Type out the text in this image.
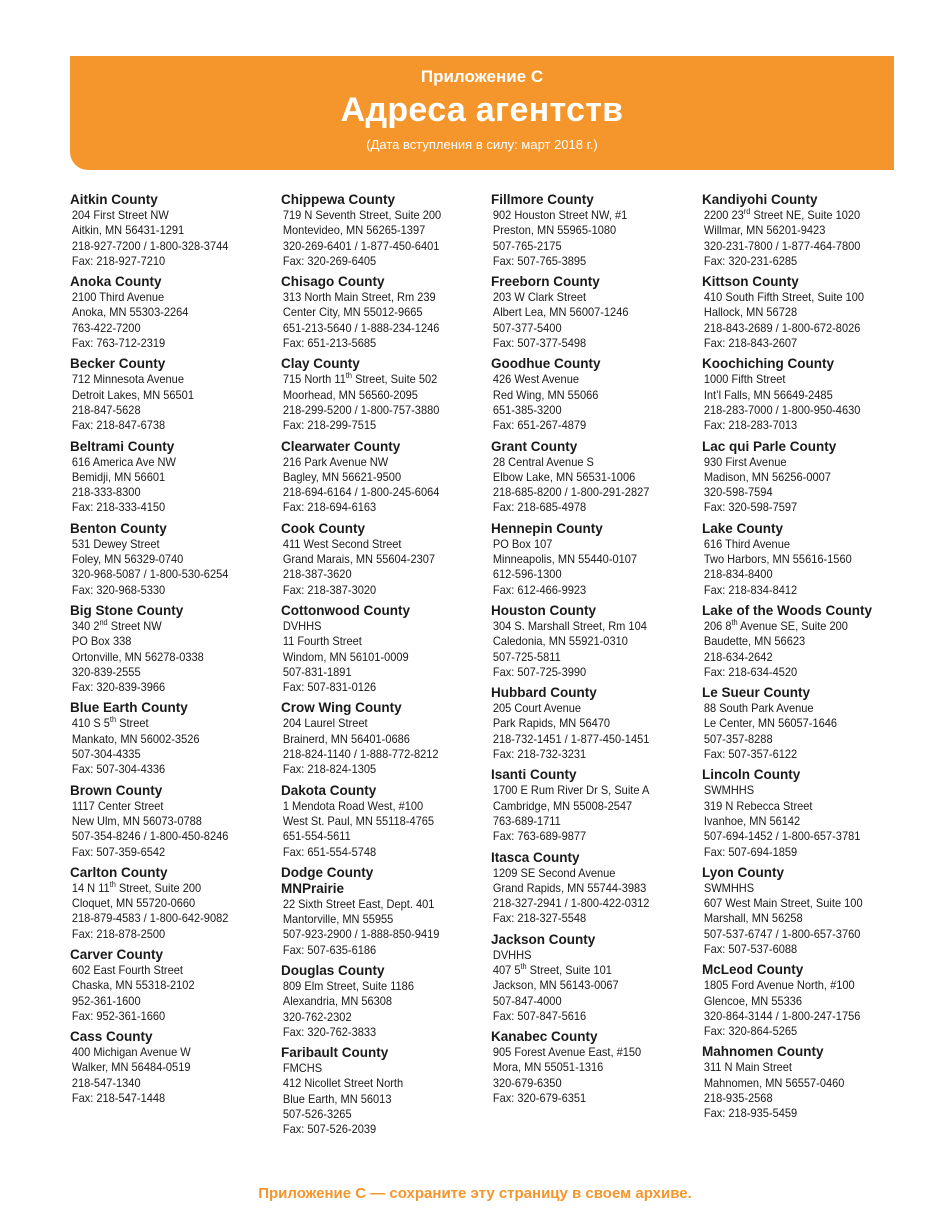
Приложение С
Адреса агентств
(Дата вступления в силу: март 2018 г.)
Aitkin County
204 First Street NW
Aitkin, MN 56431-1291
218-927-7200 / 1-800-328-3744
Fax: 218-927-7210
Anoka County
2100 Third Avenue
Anoka, MN 55303-2264
763-422-7200
Fax: 763-712-2319
Becker County
712 Minnesota Avenue
Detroit Lakes, MN 56501
218-847-5628
Fax: 218-847-6738
Beltrami County
616 America Ave NW
Bemidji, MN 56601
218-333-8300
Fax: 218-333-4150
Benton County
531 Dewey Street
Foley, MN 56329-0740
320-968-5087 / 1-800-530-6254
Fax: 320-968-5330
Big Stone County
340 2nd Street NW
PO Box 338
Ortonville, MN 56278-0338
320-839-2555
Fax: 320-839-3966
Blue Earth County
410 S 5th Street
Mankato, MN 56002-3526
507-304-4335
Fax: 507-304-4336
Brown County
1117 Center Street
New Ulm, MN 56073-0788
507-354-8246 / 1-800-450-8246
Fax: 507-359-6542
Carlton County
14 N 11th Street, Suite 200
Cloquet, MN 55720-0660
218-879-4583 / 1-800-642-9082
Fax: 218-878-2500
Carver County
602 East Fourth Street
Chaska, MN 55318-2102
952-361-1600
Fax: 952-361-1660
Cass County
400 Michigan Avenue W
Walker, MN 56484-0519
218-547-1340
Fax: 218-547-1448
Chippewa County
719 N Seventh Street, Suite 200
Montevideo, MN 56265-1397
320-269-6401 / 1-877-450-6401
Fax: 320-269-6405
Chisago County
313 North Main Street, Rm 239
Center City, MN 55012-9665
651-213-5640 / 1-888-234-1246
Fax: 651-213-5685
Clay County
715 North 11th Street, Suite 502
Moorhead, MN 56560-2095
218-299-5200 / 1-800-757-3880
Fax: 218-299-7515
Clearwater County
216 Park Avenue NW
Bagley, MN 56621-9500
218-694-6164 / 1-800-245-6064
Fax: 218-694-6163
Cook County
411 West Second Street
Grand Marais, MN 55604-2307
218-387-3620
Fax: 218-387-3020
Cottonwood County
DVHHS
11 Fourth Street
Windom, MN 56101-0009
507-831-1891
Fax: 507-831-0126
Crow Wing County
204 Laurel Street
Brainerd, MN 56401-0686
218-824-1140 / 1-888-772-8212
Fax: 218-824-1305
Dakota County
1 Mendota Road West, #100
West St. Paul, MN 55118-4765
651-554-5611
Fax: 651-554-5748
Dodge County
MNPrairie
22 Sixth Street East, Dept. 401
Mantorville, MN 55955
507-923-2900 / 1-888-850-9419
Fax: 507-635-6186
Douglas County
809 Elm Street, Suite 1186
Alexandria, MN 56308
320-762-2302
Fax: 320-762-3833
Faribault County
FMCHS
412 Nicollet Street North
Blue Earth, MN 56013
507-526-3265
Fax: 507-526-2039
Fillmore County
902 Houston Street NW, #1
Preston, MN 55965-1080
507-765-2175
Fax: 507-765-3895
Freeborn County
203 W Clark Street
Albert Lea, MN 56007-1246
507-377-5400
Fax: 507-377-5498
Goodhue County
426 West Avenue
Red Wing, MN 55066
651-385-3200
Fax: 651-267-4879
Grant County
28 Central Avenue S
Elbow Lake, MN 56531-1006
218-685-8200 / 1-800-291-2827
Fax: 218-685-4978
Hennepin County
PO Box 107
Minneapolis, MN 55440-0107
612-596-1300
Fax: 612-466-9923
Houston County
304 S. Marshall Street, Rm 104
Caledonia, MN 55921-0310
507-725-5811
Fax: 507-725-3990
Hubbard County
205 Court Avenue
Park Rapids, MN 56470
218-732-1451 / 1-877-450-1451
Fax: 218-732-3231
Isanti County
1700 E Rum River Dr S, Suite A
Cambridge, MN 55008-2547
763-689-1711
Fax: 763-689-9877
Itasca County
1209 SE Second Avenue
Grand Rapids, MN 55744-3983
218-327-2941 / 1-800-422-0312
Fax: 218-327-5548
Jackson County
DVHHS
407 5th Street, Suite 101
Jackson, MN 56143-0067
507-847-4000
Fax: 507-847-5616
Kanabec County
905 Forest Avenue East, #150
Mora, MN 55051-1316
320-679-6350
Fax: 320-679-6351
Kandiyohi County
2200 23rd Street NE, Suite 1020
Willmar, MN 56201-9423
320-231-7800 / 1-877-464-7800
Fax: 320-231-6285
Kittson County
410 South Fifth Street, Suite 100
Hallock, MN 56728
218-843-2689 / 1-800-672-8026
Fax: 218-843-2607
Koochiching County
1000 Fifth Street
Int’l Falls, MN 56649-2485
218-283-7000 / 1-800-950-4630
Fax: 218-283-7013
Lac qui Parle County
930 First Avenue
Madison, MN 56256-0007
320-598-7594
Fax: 320-598-7597
Lake County
616 Third Avenue
Two Harbors, MN 55616-1560
218-834-8400
Fax: 218-834-8412
Lake of the Woods County
206 8th Avenue SE, Suite 200
Baudette, MN 56623
218-634-2642
Fax: 218-634-4520
Le Sueur County
88 South Park Avenue
Le Center, MN 56057-1646
507-357-8288
Fax: 507-357-6122
Lincoln County
SWMHHS
319 N Rebecca Street
Ivanhoe, MN 56142
507-694-1452 / 1-800-657-3781
Fax: 507-694-1859
Lyon County
SWMHHS
607 West Main Street, Suite 100
Marshall, MN 56258
507-537-6747 / 1-800-657-3760
Fax: 507-537-6088
McLeod County
1805 Ford Avenue North, #100
Glencoe, MN 55336
320-864-3144 / 1-800-247-1756
Fax: 320-864-5265
Mahnomen County
311 N Main Street
Mahnomen, MN 56557-0460
218-935-2568
Fax: 218-935-5459
Приложение С — сохраните эту страницу в своем архиве.
